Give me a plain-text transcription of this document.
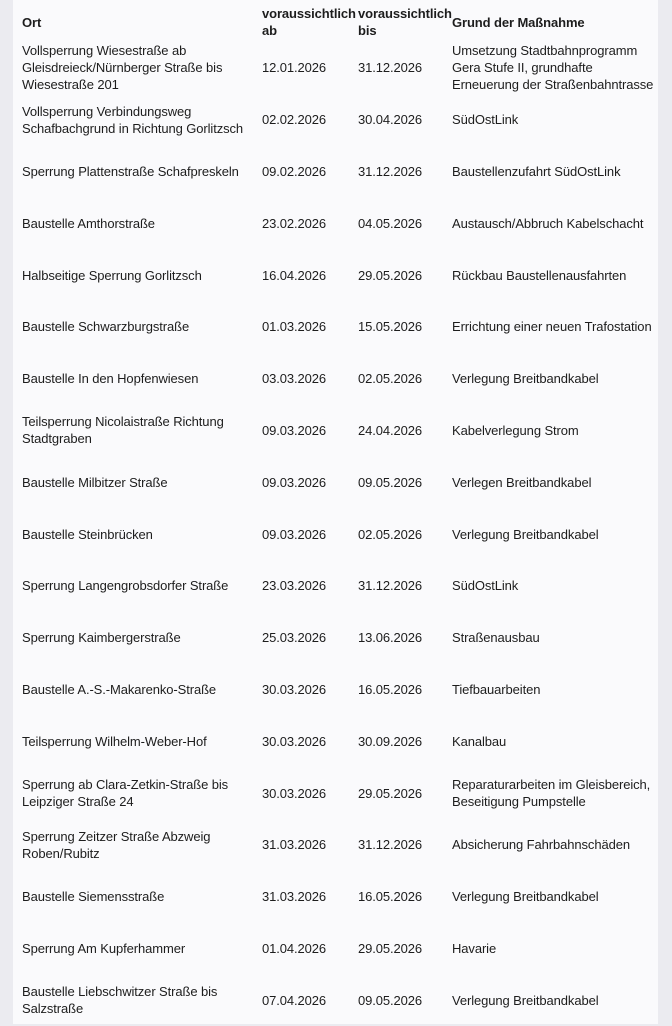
Ort	voraussichtlich ab	voraussichtlich bis	Grund der Maßnahme
Vollsperrung Wiesestraße ab Gleisdreieck/Nürnberger Straße bis Wiesestraße 201	12.01.2026	31.12.2026	Umsetzung Stadtbahnprogramm Gera Stufe II, grundhafte Erneuerung der Straßenbahntrasse
Vollsperrung Verbindungsweg Schafbachgrund in Richtung Gorlitzsch	02.02.2026	30.04.2026	SüdOstLink
Sperrung Plattenstraße Schafpreskeln	09.02.2026	31.12.2026	Baustellenzufahrt SüdOstLink
Baustelle Amthorstraße	23.02.2026	04.05.2026	Austausch/Abbruch Kabelschacht
Halbseitige Sperrung Gorlitzsch	16.04.2026	29.05.2026	Rückbau Baustellenausfahrten
Baustelle Schwarzburgstraße	01.03.2026	15.05.2026	Errichtung einer neuen Trafostation
Baustelle In den Hopfenwiesen	03.03.2026	02.05.2026	Verlegung Breitbandkabel
Teilsperrung Nicolaistraße Richtung Stadtgraben	09.03.2026	24.04.2026	Kabelverlegung Strom
Baustelle Milbitzer Straße	09.03.2026	09.05.2026	Verlegen Breitbandkabel
Baustelle Steinbrücken	09.03.2026	02.05.2026	Verlegung Breitbandkabel
Sperrung Langengrobsdorfer Straße	23.03.2026	31.12.2026	SüdOstLink
Sperrung Kaimbergerstraße	25.03.2026	13.06.2026	Straßenausbau
Baustelle A.-S.-Makarenko-Straße	30.03.2026	16.05.2026	Tiefbauarbeiten
Teilsperrung Wilhelm-Weber-Hof	30.03.2026	30.09.2026	Kanalbau
Sperrung ab Clara-Zetkin-Straße bis Leipziger Straße 24	30.03.2026	29.05.2026	Reparaturarbeiten im Gleisbereich, Beseitigung Pumpstelle
Sperrung Zeitzer Straße Abzweig Roben/Rubitz	31.03.2026	31.12.2026	Absicherung Fahrbahnschäden
Baustelle Siemensstraße	31.03.2026	16.05.2026	Verlegung Breitbandkabel
Sperrung Am Kupferhammer	01.04.2026	29.05.2026	Havarie
Baustelle Liebschwitzer Straße bis Salzstraße	07.04.2026	09.05.2026	Verlegung Breitbandkabel
